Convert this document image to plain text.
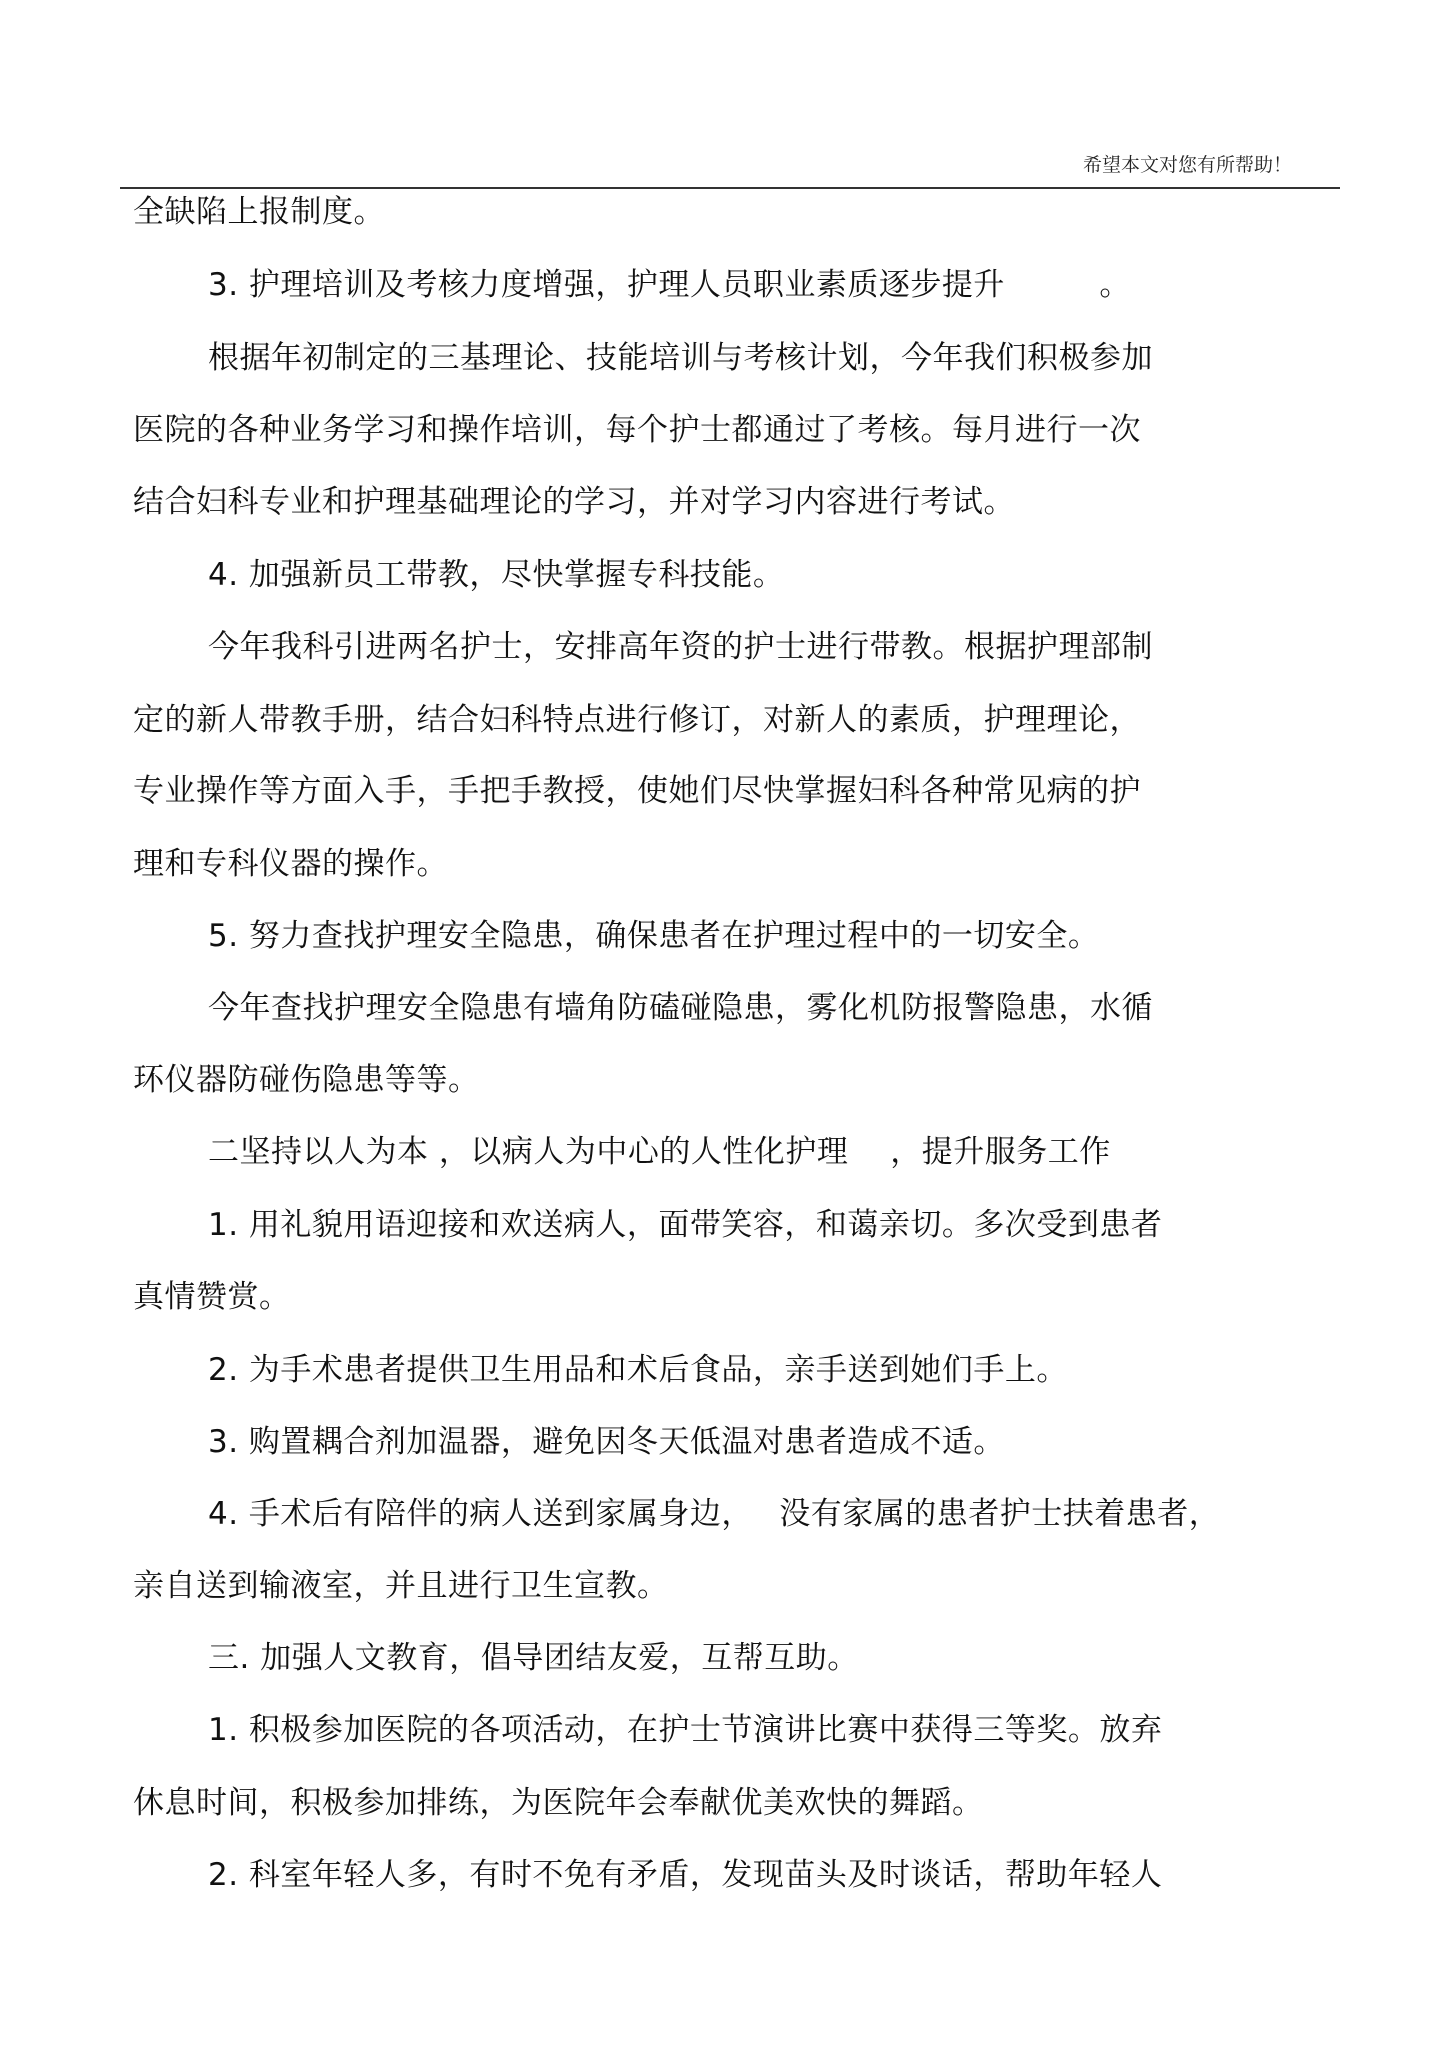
希望本文对您有所帮助！
全缺陷上报制度。
3. 护理培训及考核力度增强，护理人员职业素质逐步提升　　　。
根据年初制定的三基理论、技能培训与考核计划，今年我们积极参加
医院的各种业务学习和操作培训，每个护士都通过了考核。每月进行一次
结合妇科专业和护理基础理论的学习，并对学习内容进行考试。
4. 加强新员工带教，尽快掌握专科技能。
今年我科引进两名护士，安排高年资的护士进行带教。根据护理部制
定的新人带教手册，结合妇科特点进行修订，对新人的素质，护理理论，
专业操作等方面入手，手把手教授，使她们尽快掌握妇科各种常见病的护
理和专科仪器的操作。
5. 努力查找护理安全隐患，确保患者在护理过程中的一切安全。
今年查找护理安全隐患有墙角防磕碰隐患，雾化机防报警隐患，水循
环仪器防碰伤隐患等等。
二坚持以人为本 ，以病人为中心的人性化护理　 ，提升服务工作
1. 用礼貌用语迎接和欢送病人，面带笑容，和蔼亲切。多次受到患者
真情赞赏。
2. 为手术患者提供卫生用品和术后食品，亲手送到她们手上。
3. 购置耦合剂加温器，避免因冬天低温对患者造成不适。
4. 手术后有陪伴的病人送到家属身边，　 没有家属的患者护士扶着患者，
亲自送到输液室，并且进行卫生宣教。
三. 加强人文教育，倡导团结友爱，互帮互助。
1. 积极参加医院的各项活动，在护士节演讲比赛中获得三等奖。放弃
休息时间，积极参加排练，为医院年会奉献优美欢快的舞蹈。
2. 科室年轻人多，有时不免有矛盾，发现苗头及时谈话，帮助年轻人
